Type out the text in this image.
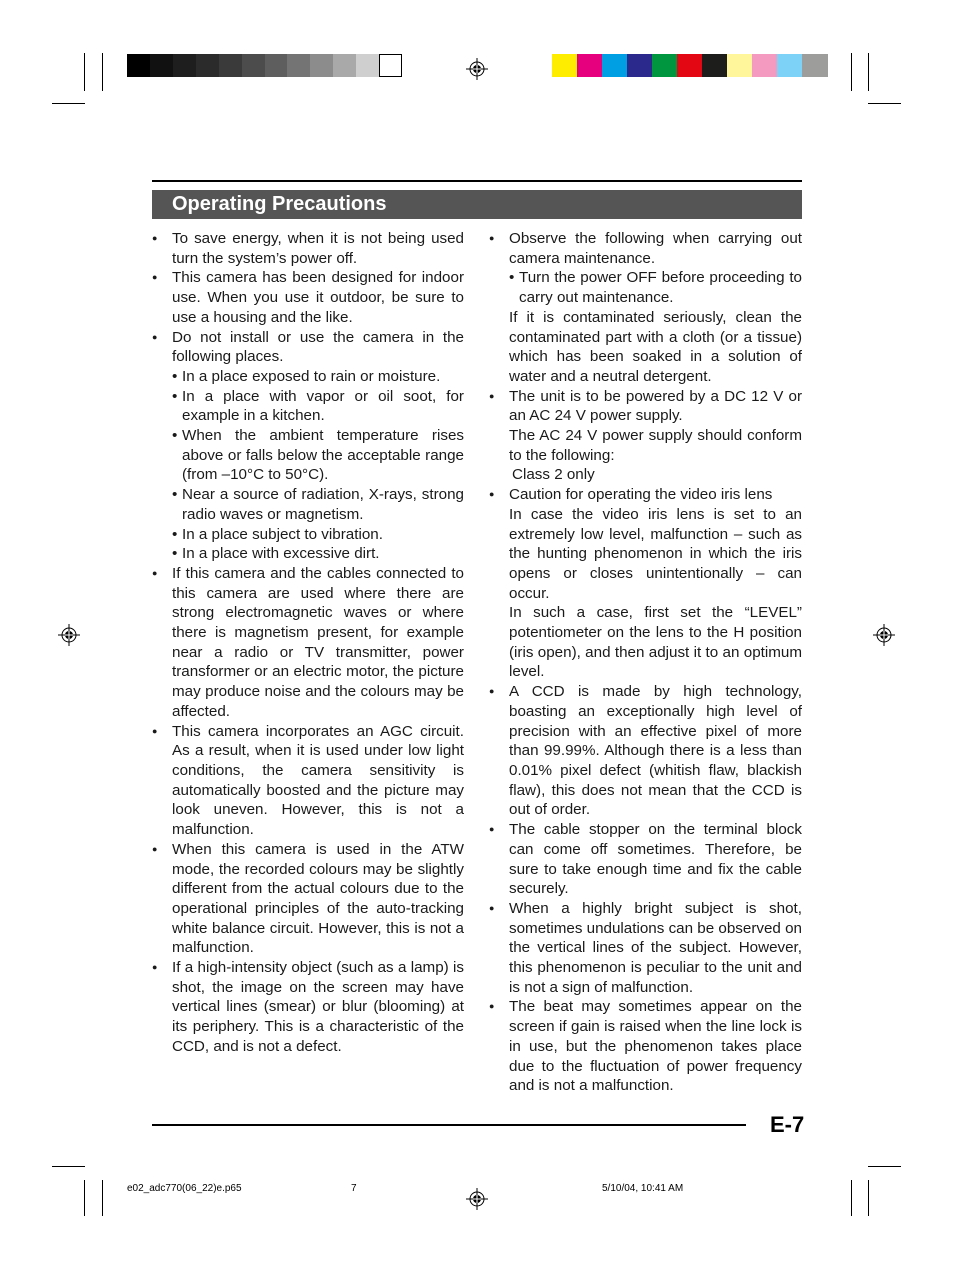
Operating Precautions

● To save energy, when it is not being used turn the system’s power off.

● This camera has been designed for indoor use. When you use it outdoor, be sure to use a housing and the like.

● Do not install or use the camera in the following places.

• In a place exposed to rain or moisture.

• In a place with vapor or oil soot, for example in a kitchen.

• When the ambient temperature rises above or falls below the acceptable range (from –10°C to 50°C).

• Near a source of radiation, X-rays, strong radio waves or magnetism.

• In a place subject to vibration.

• In a place with excessive dirt.

● If this camera and the cables connected to this camera are used where there are strong electromagnetic waves or where there is magnetism present, for example near a radio or TV transmitter, power transformer or an electric motor, the picture may produce noise and the colours may be affected.

● This camera incorporates an AGC circuit. As a result, when it is used under low light conditions, the camera sensitivity is automatically boosted and the picture may look uneven. However, this is not a malfunction.

● When this camera is used in the ATW mode, the recorded colours may be slightly different from the actual colours due to the operational principles of the auto-tracking white balance circuit. However, this is not a malfunction.

● If a high-intensity object (such as a lamp) is shot, the image on the screen may have vertical lines (smear) or blur (blooming) at its periphery. This is a characteristic of the CCD, and is not a defect.

● Observe the following when carrying out camera maintenance.

• Turn the power OFF before proceeding to carry out maintenance.

If it is contaminated seriously, clean the contaminated part with a cloth (or a tissue) which has been soaked in a solution of water and a neutral detergent.

● The unit is to be powered by a DC 12 V or an AC 24 V power supply.

The AC 24 V power supply should conform to the following:

Class 2 only

● Caution for operating the video iris lens

In case the video iris lens is set to an extremely low level, malfunction – such as the hunting phenomenon in which the iris opens or closes unintentionally – can occur.

In such a case, first set the “LEVEL” potentiometer on the lens to the H position (iris open), and then adjust it to an optimum level.

● A CCD is made by high technology, boasting an exceptionally high level of precision with an effective pixel of more than 99.99%. Although there is a less than 0.01% pixel defect (whitish flaw, blackish flaw), this does not mean that the CCD is out of order.

● The cable stopper on the terminal block can come off sometimes. Therefore, be sure to take enough time and fix the cable securely.

● When a highly bright subject is shot, sometimes undulations can be observed on the vertical lines of the subject. However, this phenomenon is peculiar to the unit and is not a sign of malfunction.

● The beat may sometimes appear on the screen if gain is raised when the line lock is in use, but the phenomenon takes place due to the fluctuation of power frequency and is not a malfunction.

E-7
e02_adc770(06_22)e.p65	7	5/10/04, 10:41 AM
